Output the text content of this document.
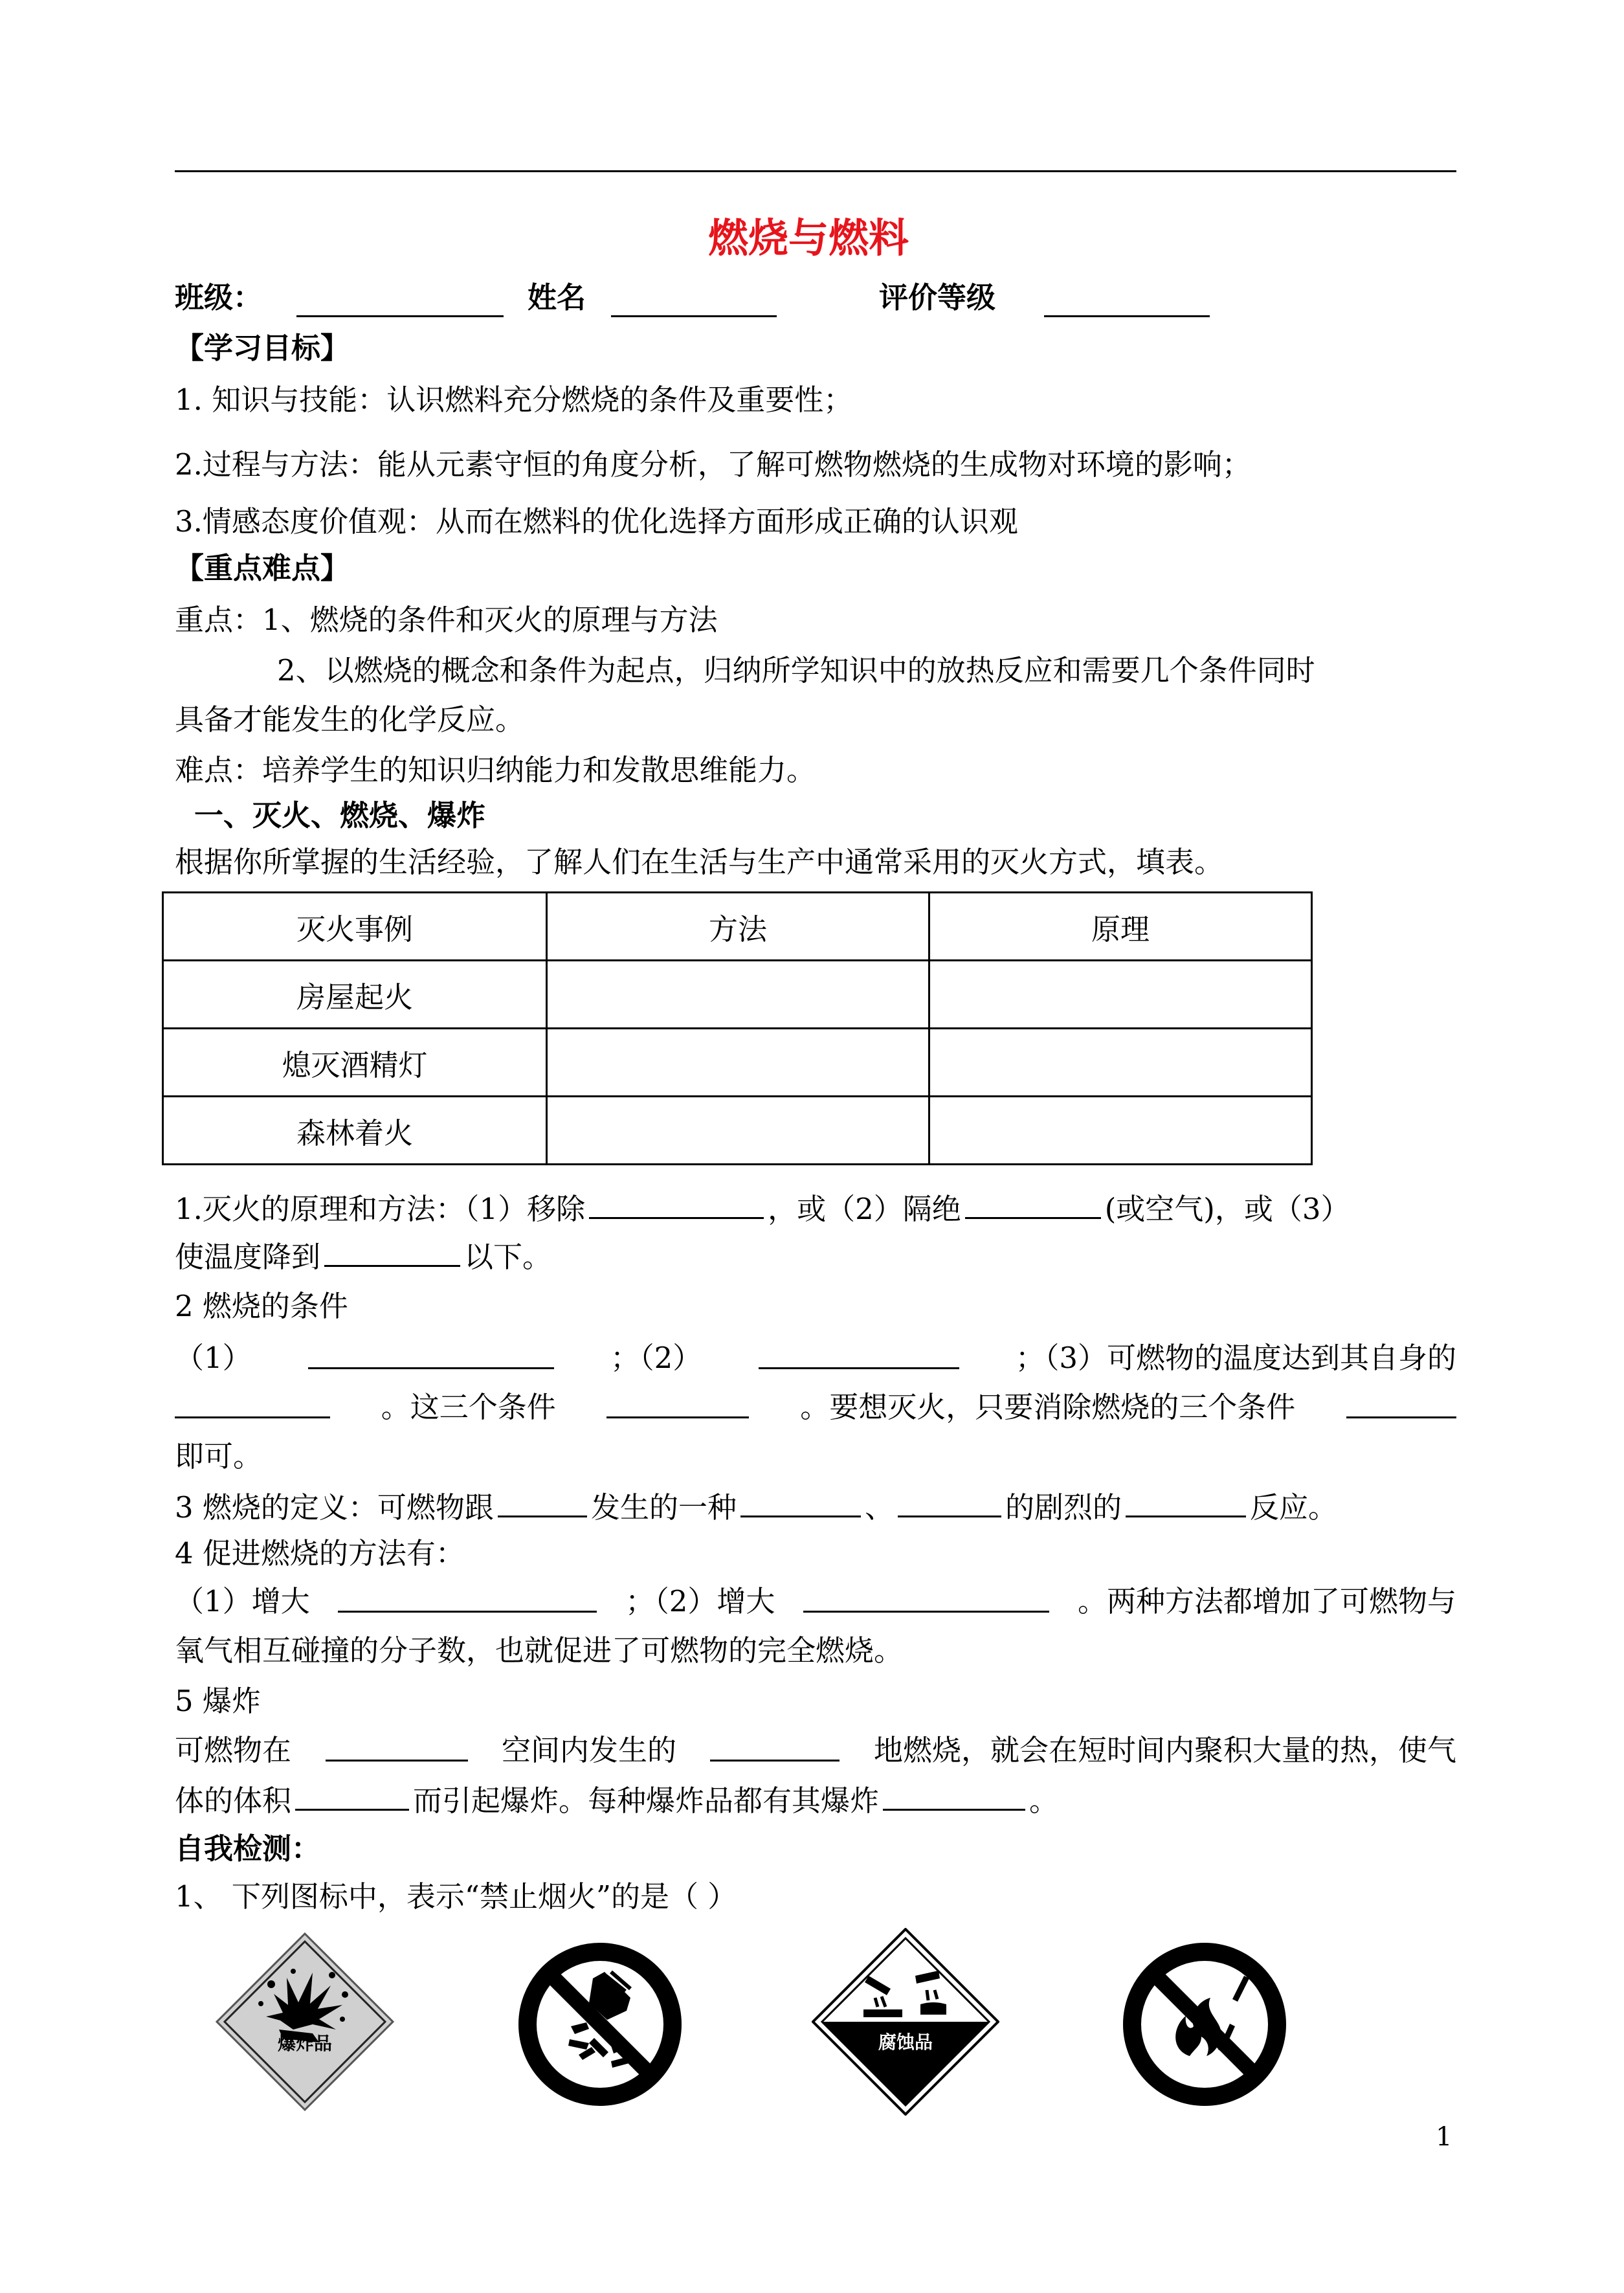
燃烧与燃料
班级：	姓名	评价等级
【学习目标】
1. 知识与技能：认识燃料充分燃烧的条件及重要性；
2.过程与方法：能从元素守恒的角度分析，了解可燃物燃烧的生成物对环境的影响；
3.情感态度价值观：从而在燃料的优化选择方面形成正确的认识观
【重点难点】
重点：1、燃烧的条件和灭火的原理与方法
2、以燃烧的概念和条件为起点，归纳所学知识中的放热反应和需要几个条件同时
具备才能发生的化学反应。
难点：培养学生的知识归纳能力和发散思维能力。
一、灭火、燃烧、爆炸
根据你所掌握的生活经验，了解人们在生活与生产中通常采用的灭火方式，填表。
灭火事例	方法	原理
房屋起火		
熄灭酒精灯		
森林着火		
1.灭火的原理和方法：（1）移除	，或（2）隔绝	(或空气)，或（3）
使温度降到	以下。
2 燃烧的条件
（1）	；（2）	；（3）可燃物的温度达到其自身的
。这三个条件	。要想灭火，只要消除燃烧的三个条件
即可。
3 燃烧的定义：可燃物跟	发生的一种	、	的剧烈的	反应。
4 促进燃烧的方法有：
（1）增大	；（2）增大	。两种方法都增加了可燃物与
氧气相互碰撞的分子数，也就促进了可燃物的完全燃烧。
5 爆炸
可燃物在	空间内发生的	地燃烧，就会在短时间内聚积大量的热，使气
体的体积	而引起爆炸。每种爆炸品都有其爆炸	。
自我检测：
1、 下列图标中，表示“禁止烟火”的是（ ）
爆炸品	腐蚀品
1
